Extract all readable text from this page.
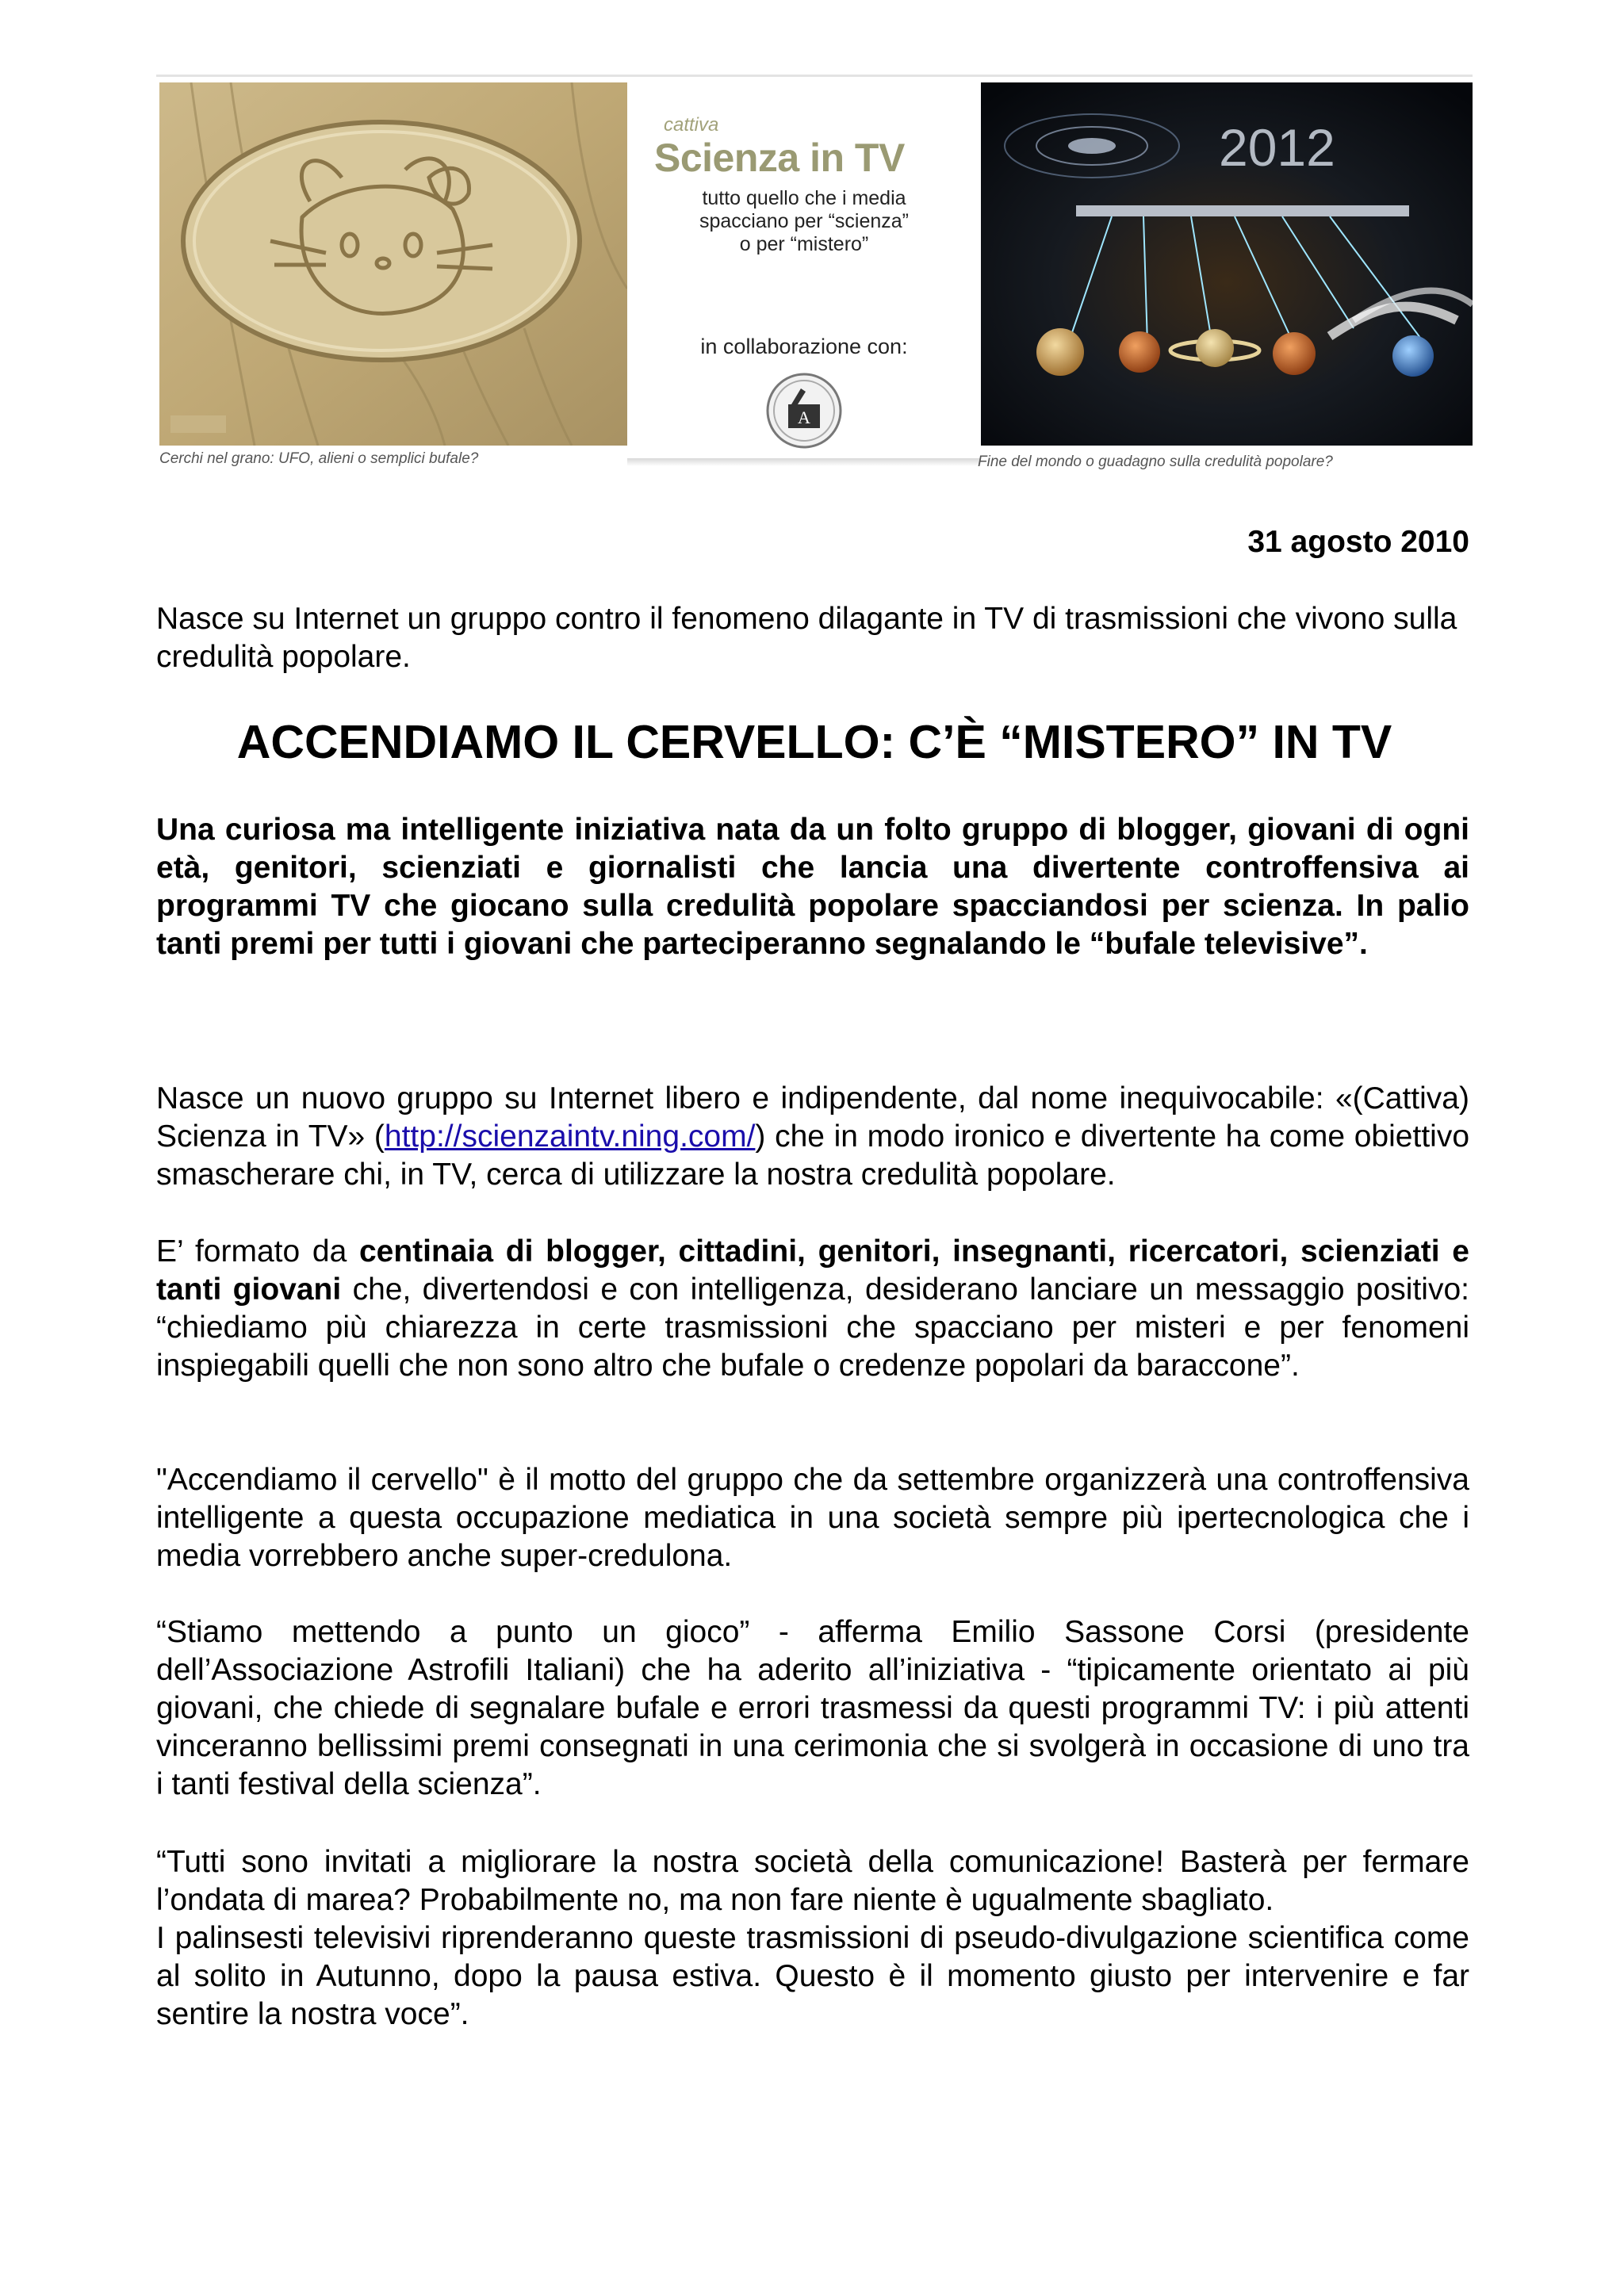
cattiva
Scienza in TV
tutto quello che i media
spacciano per “scienza”
o per “mistero”
in collaborazione con:
A
2012
Cerchi nel grano: UFO, alieni o semplici bufale?	Fine del mondo o guadagno sulla credulità popolare?
31 agosto 2010
Nasce su Internet un gruppo contro il fenomeno dilagante in TV di trasmissioni che vivono sulla credulità popolare.
ACCENDIAMO IL CERVELLO: C’È “MISTERO” IN TV
Una curiosa ma intelligente iniziativa nata da un folto gruppo di blogger, giovani di ogni età, genitori, scienziati e giornalisti che lancia una divertente controffensiva ai programmi TV che giocano sulla credulità popolare spacciandosi per scienza. In palio tanti premi per tutti i giovani che parteciperanno segnalando le “bufale televisive”.
Nasce un nuovo gruppo su Internet libero e indipendente, dal nome inequivocabile: «(Cattiva) Scienza in TV» (http://scienzaintv.ning.com/) che in modo ironico e divertente ha come obiettivo smascherare chi, in TV, cerca di utilizzare la nostra credulità popolare.
E’ formato da centinaia di blogger, cittadini, genitori, insegnanti, ricercatori, scienziati e tanti giovani che, divertendosi e con intelligenza, desiderano lanciare un messaggio positivo: “chiediamo più chiarezza in certe trasmissioni che spacciano per misteri e per fenomeni inspiegabili quelli che non sono altro che bufale o credenze popolari da baraccone”.
"Accendiamo il cervello" è il motto del gruppo che da settembre organizzerà una controffensiva intelligente a questa occupazione mediatica in una società sempre più ipertecnologica che i media vorrebbero anche super-credulona.
“Stiamo mettendo a punto un gioco” - afferma Emilio Sassone Corsi (presidente dell’Associazione Astrofili Italiani) che ha aderito all’iniziativa - “tipicamente orientato ai più giovani, che chiede di segnalare bufale e errori trasmessi da questi programmi TV: i più attenti vinceranno bellissimi premi consegnati in una cerimonia che si svolgerà in occasione di uno tra i tanti festival della scienza”.
“Tutti sono invitati a migliorare la nostra società della comunicazione! Basterà per fermare l’ondata di marea? Probabilmente no, ma non fare niente è ugualmente sbagliato.
I palinsesti televisivi riprenderanno queste trasmissioni di pseudo-divulgazione scientifica come al solito in Autunno, dopo la pausa estiva. Questo è il momento giusto per intervenire e far sentire la nostra voce”.
